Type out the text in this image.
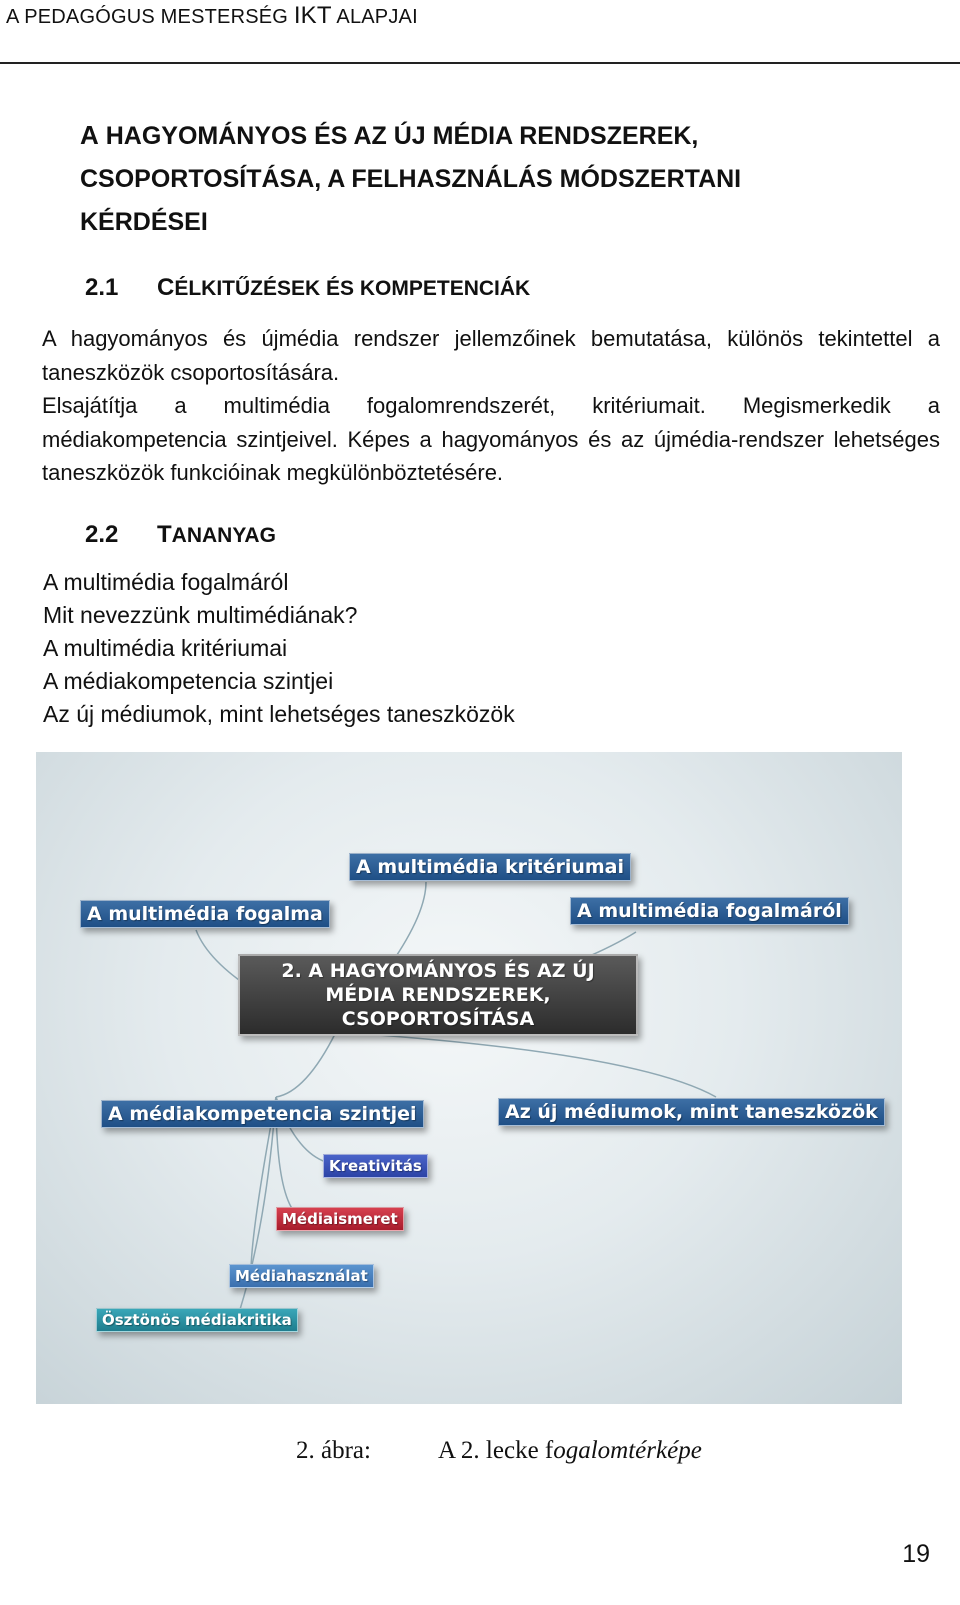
A PEDAGÓGUS MESTERSÉG IKT ALAPJAI
A HAGYOMÁNYOS ÉS AZ ÚJ MÉDIA RENDSZEREK,
CSOPORTOSÍTÁSA, A FELHASZNÁLÁS MÓDSZERTANI
KÉRDÉSEI
2.1 CÉLKITŰZÉSEK ÉS KOMPETENCIÁK

A hagyományos és újmédia rendszer jellemzőinek bemutatása, különös tekintettel a taneszközök csoportosítására.

Elsajátítja a multimédia fogalomrendszerét, kritériumait. Megismerkedik a médiakompetencia szintjeivel. Képes a hagyományos és az újmédia-rendszer lehetséges taneszközök funkcióinak megkülönböztetésére.

2.2 TANANYAG
A multimédia fogalmáról
Mit nevezzünk multimédiának?
A multimédia kritériumai
A médiakompetencia szintjei
Az új médiumok, mint lehetséges taneszközök
A multimédia kritériumai
A multimédia fogalma	A multimédia fogalmáról
2. A HAGYOMÁNYOS ÉS AZ ÚJ
MÉDIA RENDSZEREK,
CSOPORTOSÍTÁSA
A médiakompetencia szintjei	Az új médiumok, mint taneszközök
Kreativitás
Médiaismeret
Médiahasználat
Ösztönös médiakritika
2. ábra:	A 2. lecke fogalomtérképe
19
